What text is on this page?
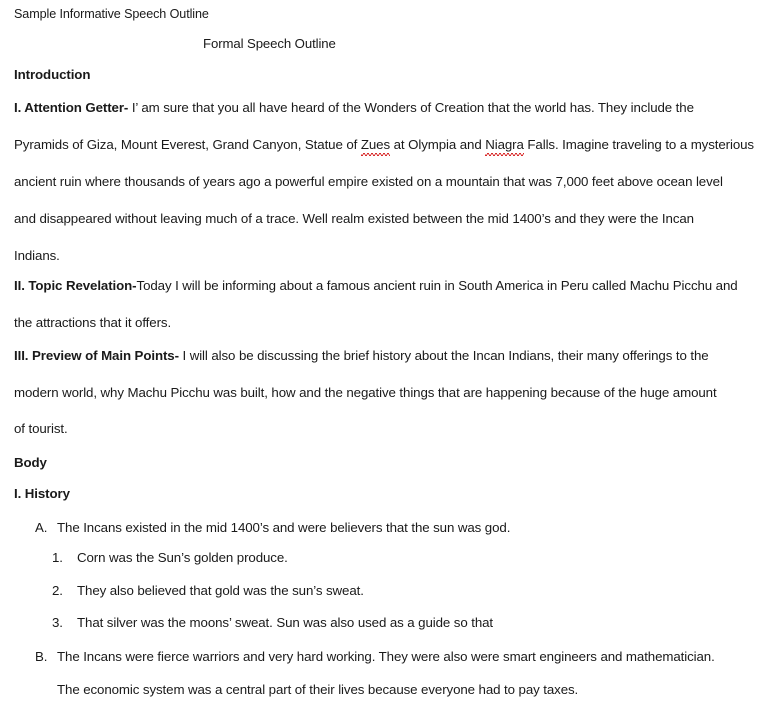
Sample Informative Speech Outline
Formal Speech Outline
Introduction
I. Attention Getter- I’ am sure that you all have heard of the Wonders of Creation that the world has. They include the
Pyramids of Giza, Mount Everest, Grand Canyon, Statue of Zues at Olympia and Niagra Falls. Imagine traveling to a mysterious
ancient ruin where thousands of years ago a powerful empire existed on a mountain that was 7,000 feet above ocean level
and disappeared without leaving much of a trace. Well realm existed between the mid 1400’s and they were the Incan
Indians.
II. Topic Revelation-Today I will be informing about a famous ancient ruin in South America in Peru called Machu Picchu and
the attractions that it offers.
III. Preview of Main Points- I will also be discussing the brief history about the Incan Indians, their many offerings to the
modern world, why Machu Picchu was built, how and the negative things that are happening because of the huge amount
of tourist.
Body
I. History
A. The Incans existed in the mid 1400’s and were believers that the sun was god.
1. Corn was the Sun’s golden produce.
2. They also believed that gold was the sun’s sweat.
3. That silver was the moons’ sweat. Sun was also used as a guide so that
B. The Incans were fierce warriors and very hard working. They were also were smart engineers and mathematician.
The economic system was a central part of their lives because everyone had to pay taxes.
